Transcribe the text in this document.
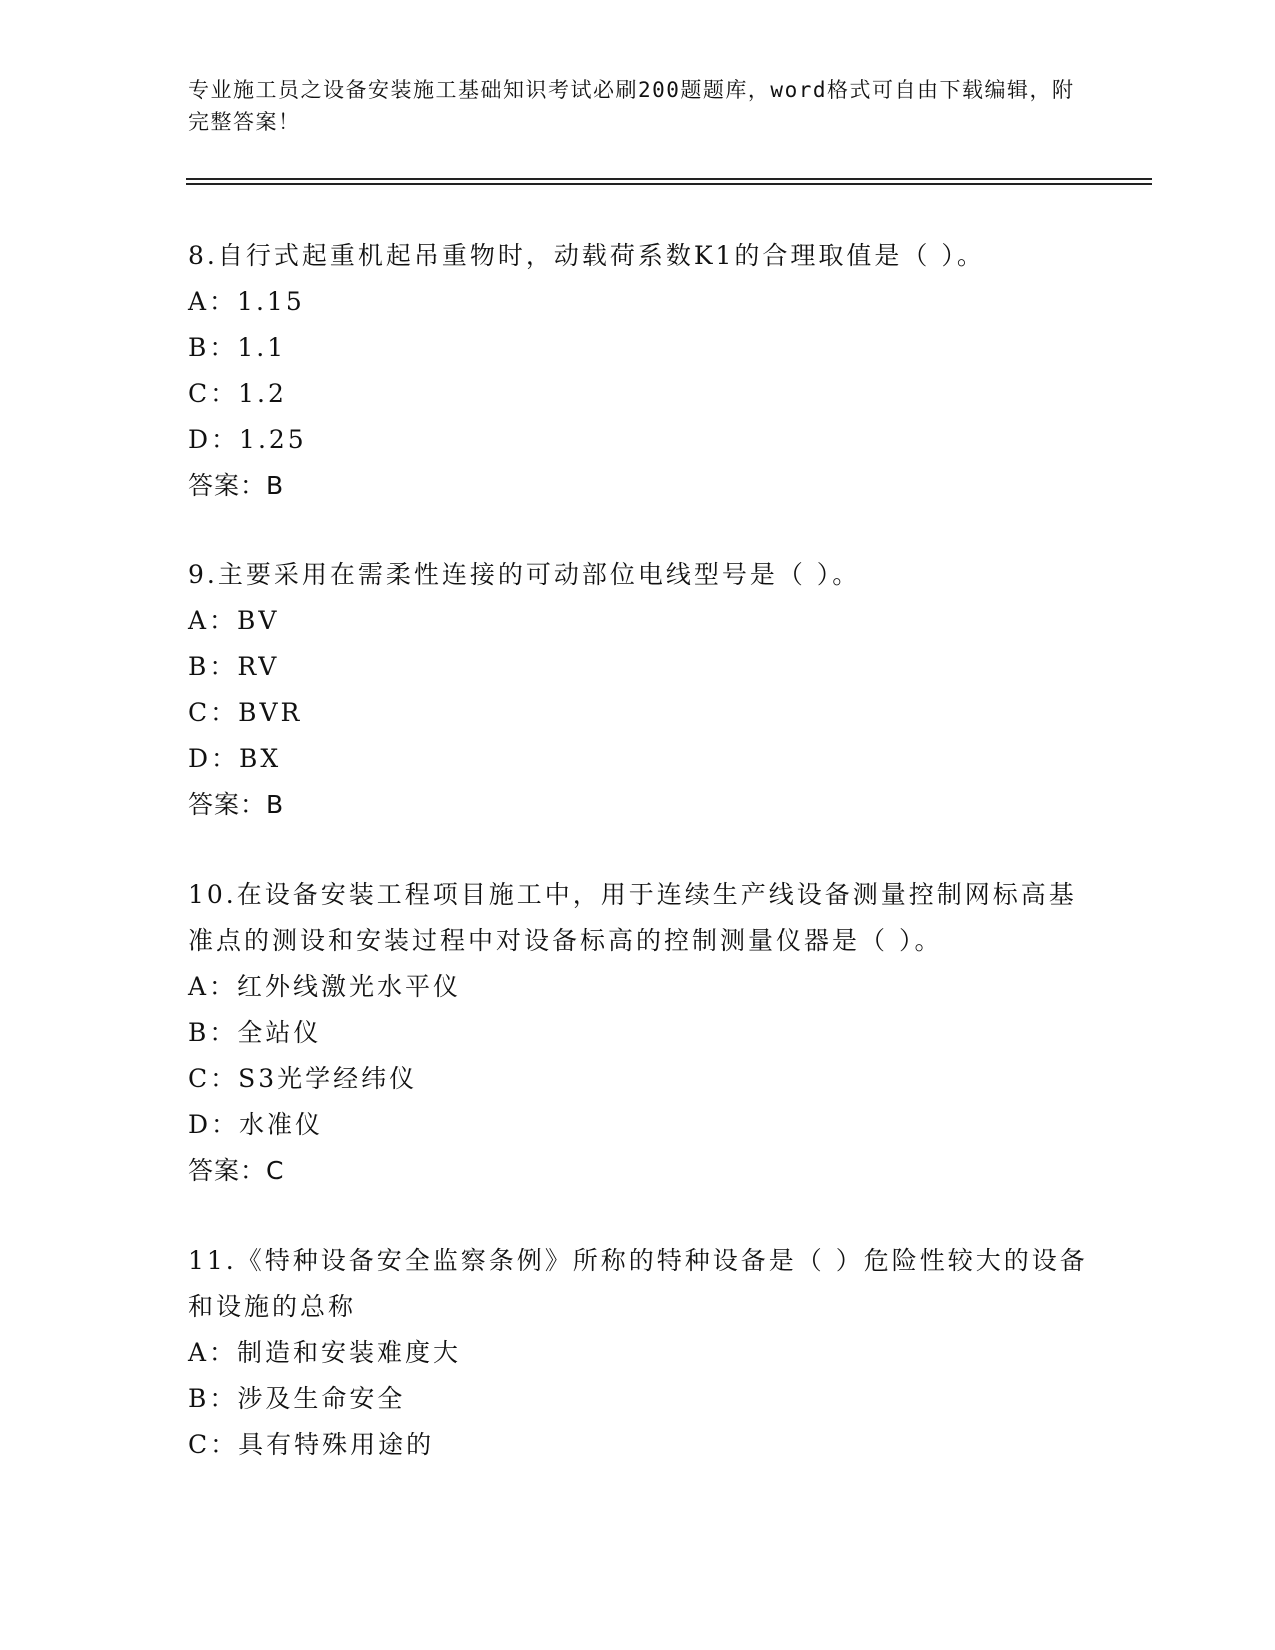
专业施工员之设备安装施工基础知识考试必刷200题题库，word格式可自由下载编辑，附完整答案！
8.自行式起重机起吊重物时，动载荷系数K1的合理取值是（ ）。
A：1.15
B：1.1
C：1.2
D：1.25
答案：B
9.主要采用在需柔性连接的可动部位电线型号是（ ）。
A：BV
B：RV
C：BVR
D：BX
答案：B
10.在设备安装工程项目施工中，用于连续生产线设备测量控制网标高基准点的测设和安装过程中对设备标高的控制测量仪器是（ ）。
A：红外线激光水平仪
B：全站仪
C：S3光学经纬仪
D：水准仪
答案：C
11.《特种设备安全监察条例》所称的特种设备是（ ）危险性较大的设备和设施的总称
A：制造和安装难度大
B：涉及生命安全
C：具有特殊用途的
